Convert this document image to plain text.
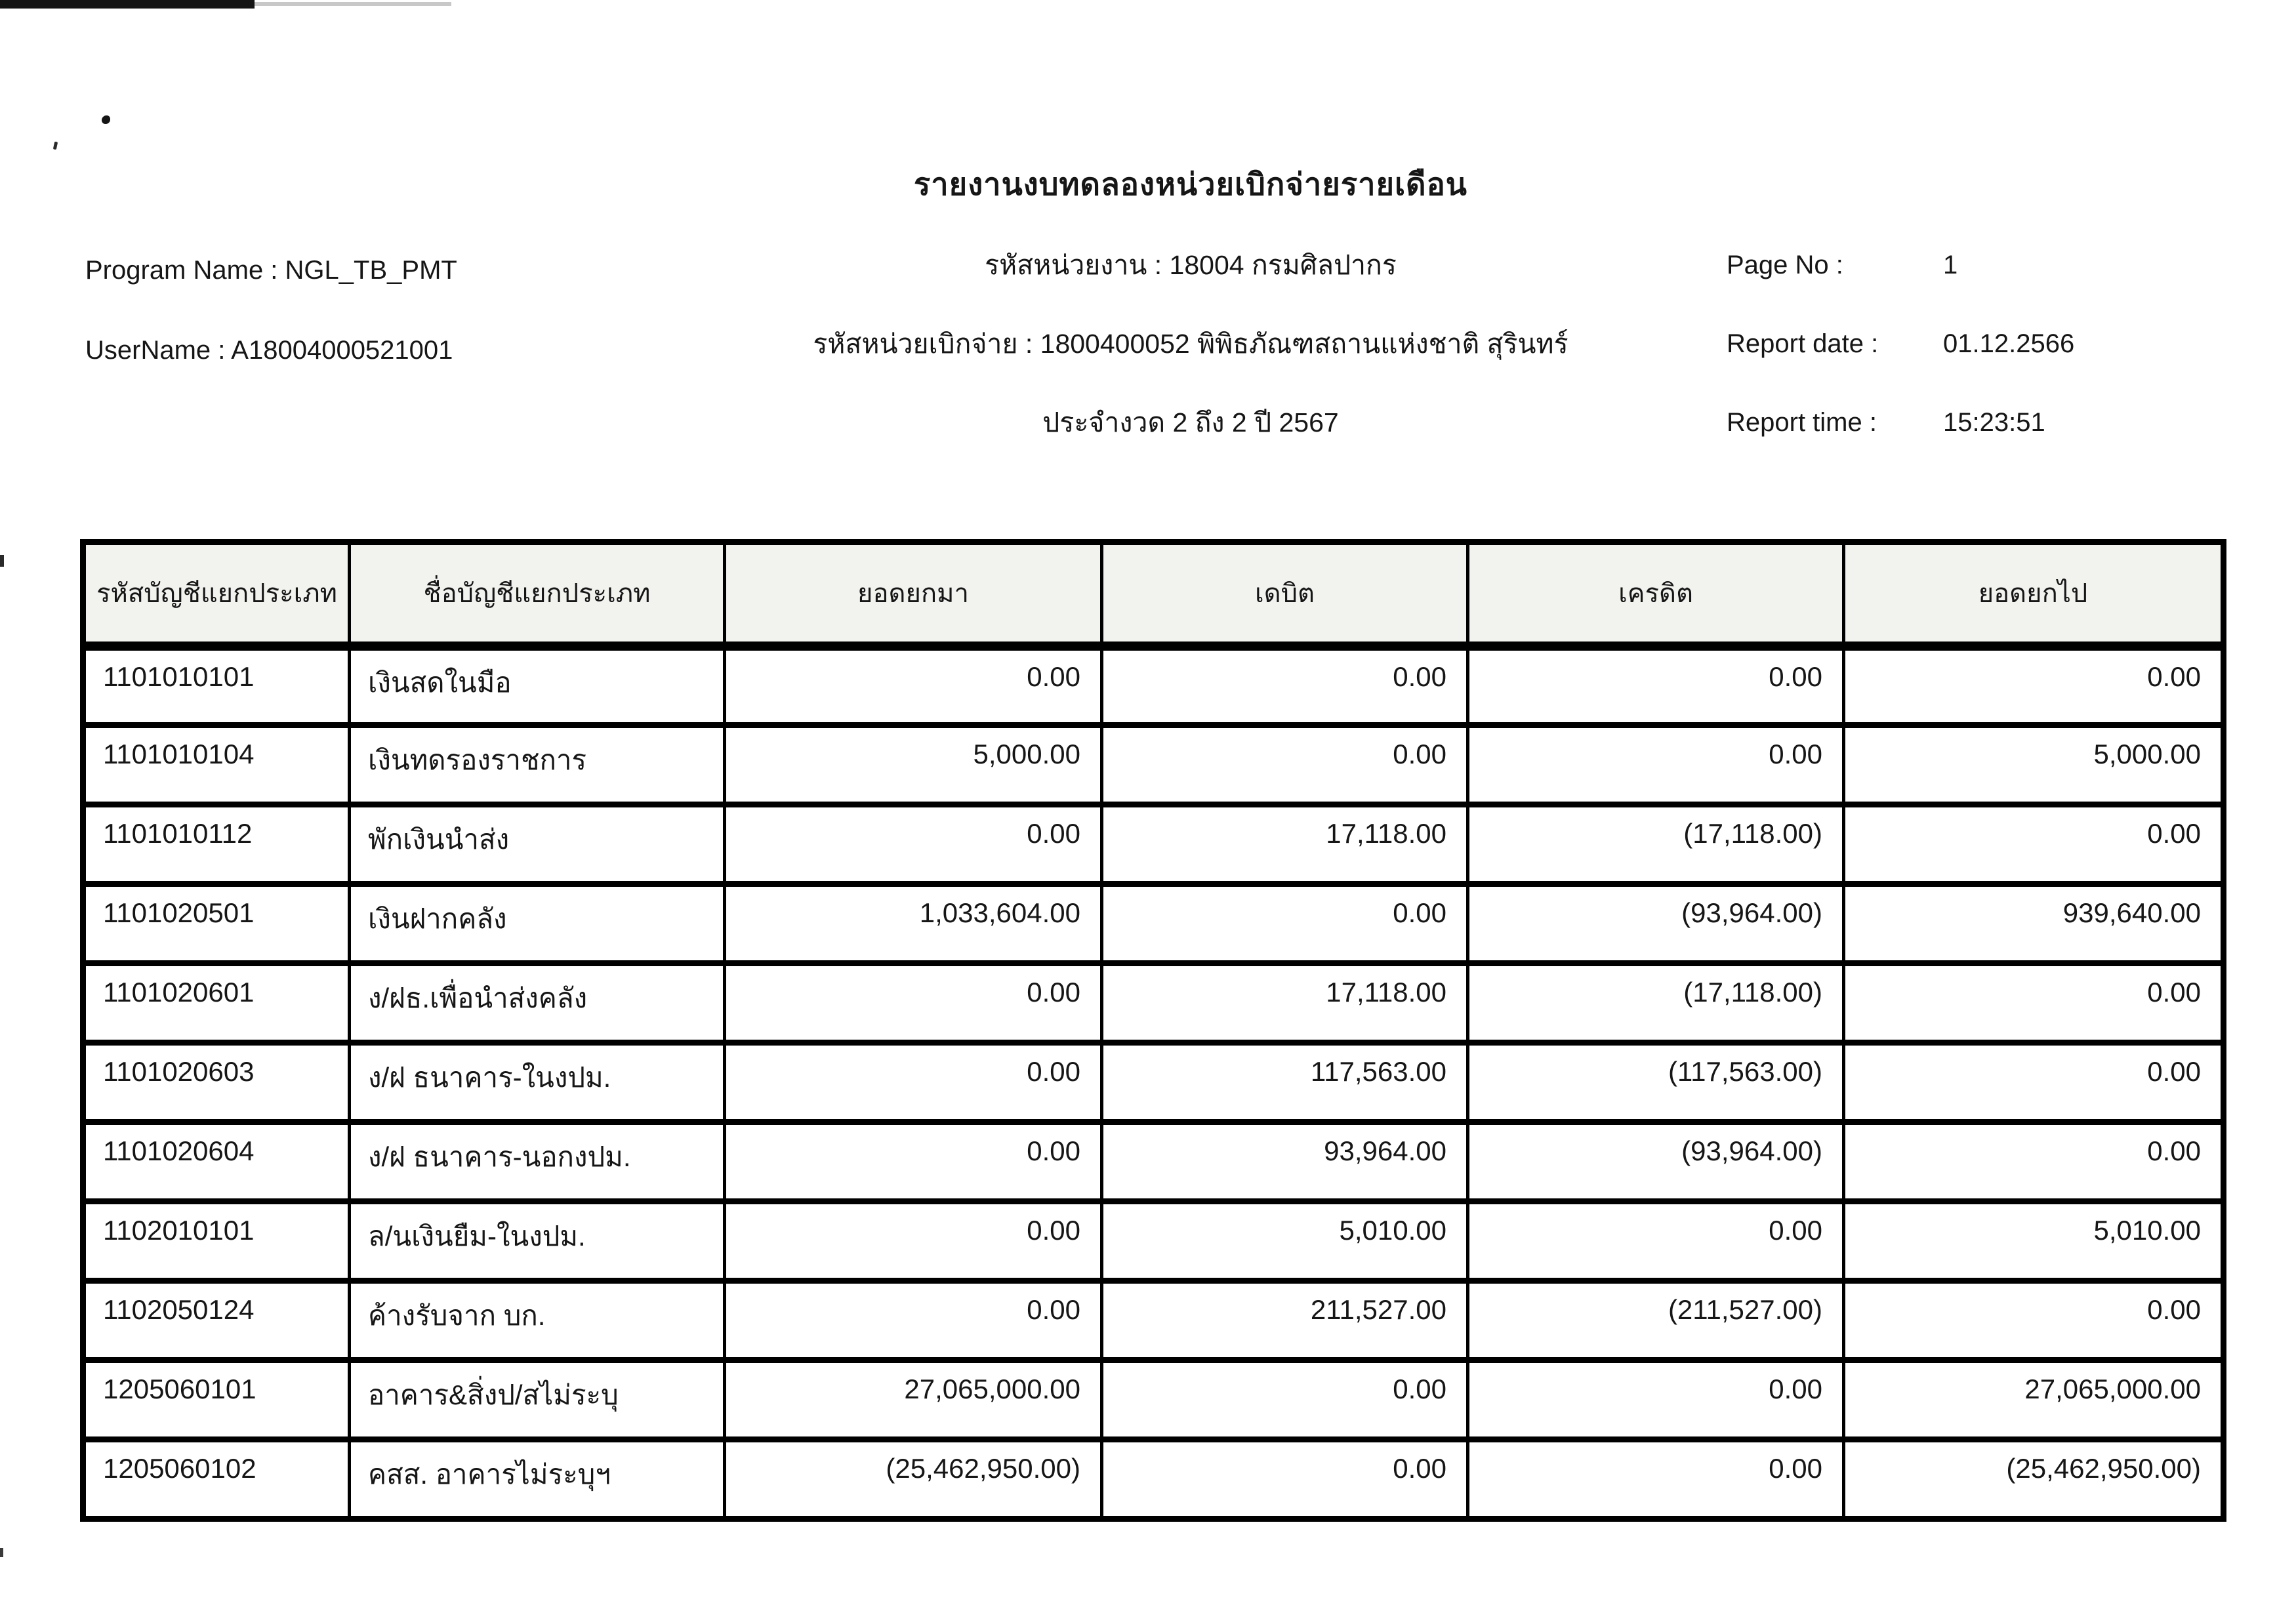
รายงานงบทดลองหน่วยเบิกจ่ายรายเดือน
Program Name : NGL_TB_PMT
UserName : A18004000521001
รหัสหน่วยงาน : 18004 กรมศิลปากร
รหัสหน่วยเบิกจ่าย : 1800400052 พิพิธภัณฑสถานแห่งชาติ สุรินทร์
ประจำงวด 2 ถึง 2 ปี 2567
Page No :	1
Report date :	01.12.2566
Report time :	15:23:51
รหัสบัญชีแยกประเภท	ชื่อบัญชีแยกประเภท	ยอดยกมา	เดบิต	เครดิต	ยอดยกไป
1101010101	เงินสดในมือ	0.00	0.00	0.00	0.00
1101010104	เงินทดรองราชการ	5,000.00	0.00	0.00	5,000.00
1101010112	พักเงินนำส่ง	0.00	17,118.00	(17,118.00)	0.00
1101020501	เงินฝากคลัง	1,033,604.00	0.00	(93,964.00)	939,640.00
1101020601	ง/ฝธ.เพื่อนำส่งคลัง	0.00	17,118.00	(17,118.00)	0.00
1101020603	ง/ฝ ธนาคาร-ในงปม.	0.00	117,563.00	(117,563.00)	0.00
1101020604	ง/ฝ ธนาคาร-นอกงปม.	0.00	93,964.00	(93,964.00)	0.00
1102010101	ล/นเงินยืม-ในงปม.	0.00	5,010.00	0.00	5,010.00
1102050124	ค้างรับจาก บก.	0.00	211,527.00	(211,527.00)	0.00
1205060101	อาคาร&สิ่งป/สไม่ระบุ	27,065,000.00	0.00	0.00	27,065,000.00
1205060102	คสส. อาคารไม่ระบุฯ	(25,462,950.00)	0.00	0.00	(25,462,950.00)
